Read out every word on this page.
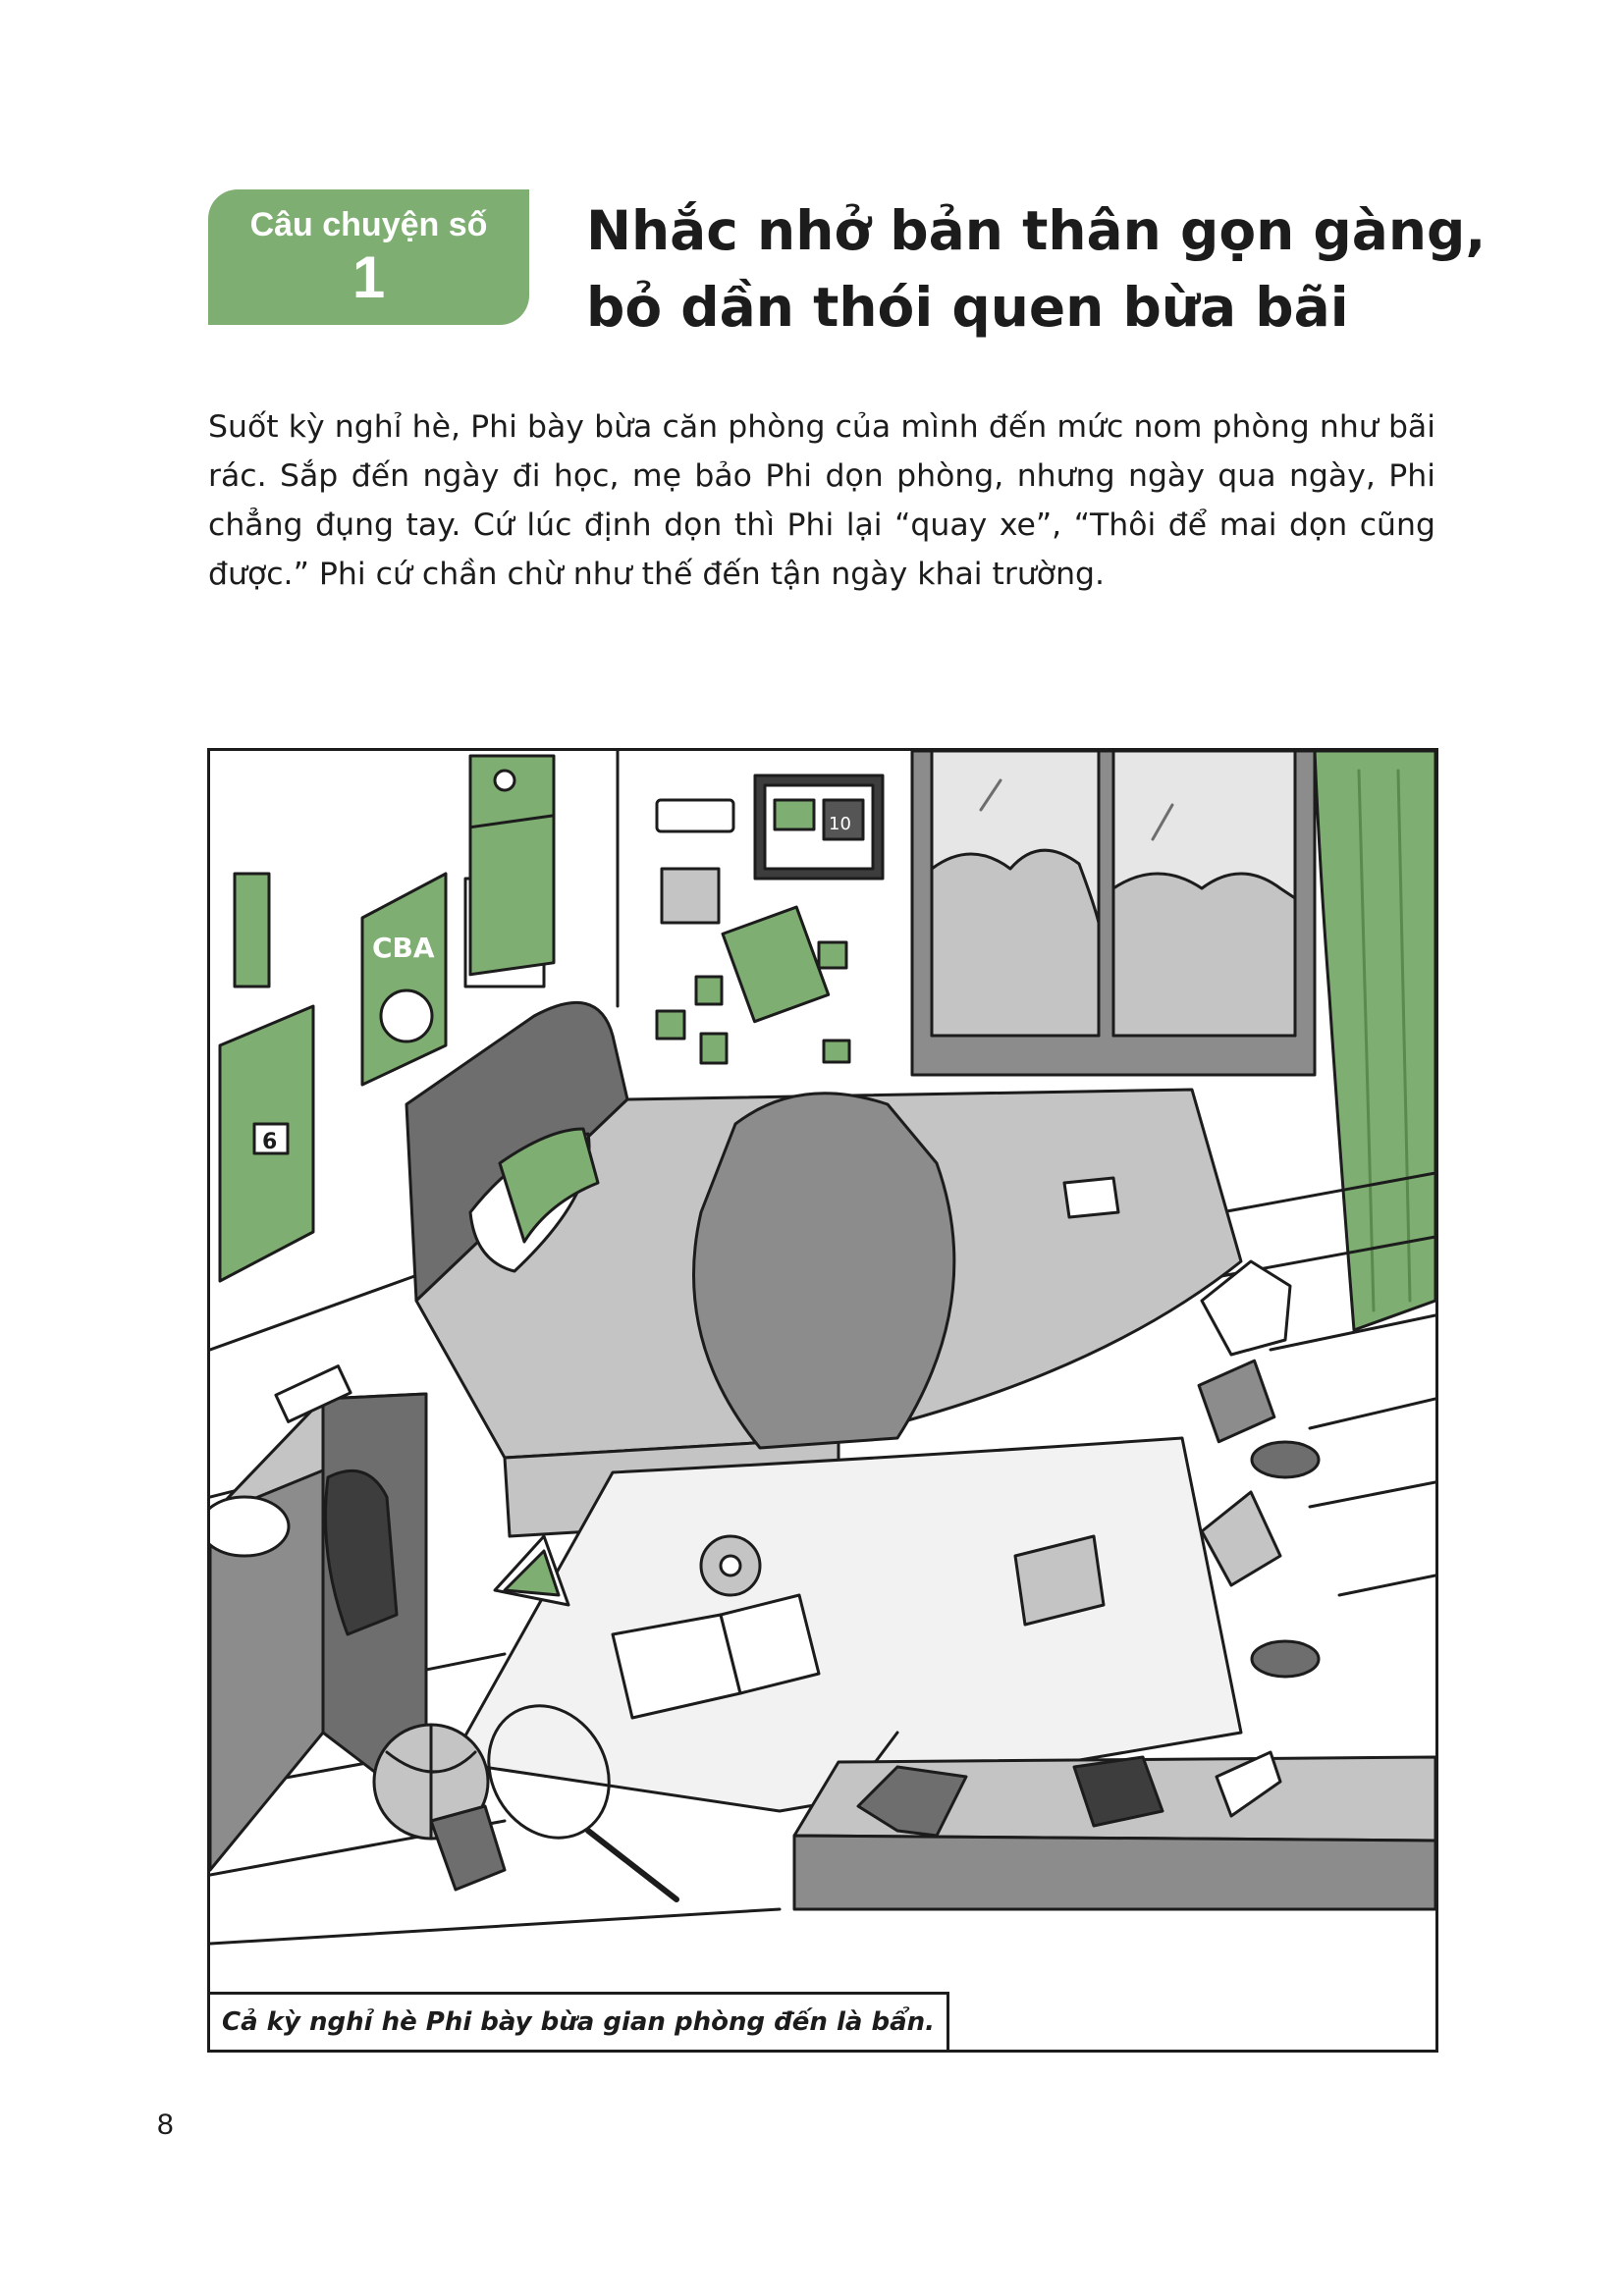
Câu chuyện số
1
Nhắc nhở bản thân gọn gàng,
bỏ dần thói quen bừa bãi

Suốt kỳ nghỉ hè, Phi bày bừa căn phòng của mình đến mức nom phòng như bãi rác. Sắp đến ngày đi học, mẹ bảo Phi dọn phòng, nhưng ngày qua ngày, Phi chẳng đụng tay. Cứ lúc định dọn thì Phi lại “quay xe”, “Thôi để mai dọn cũng được.” Phi cứ chần chừ như thế đến tận ngày khai trường.

CBA
6
10
Cả kỳ nghỉ hè Phi bày bừa gian phòng đến là bẩn.
8
